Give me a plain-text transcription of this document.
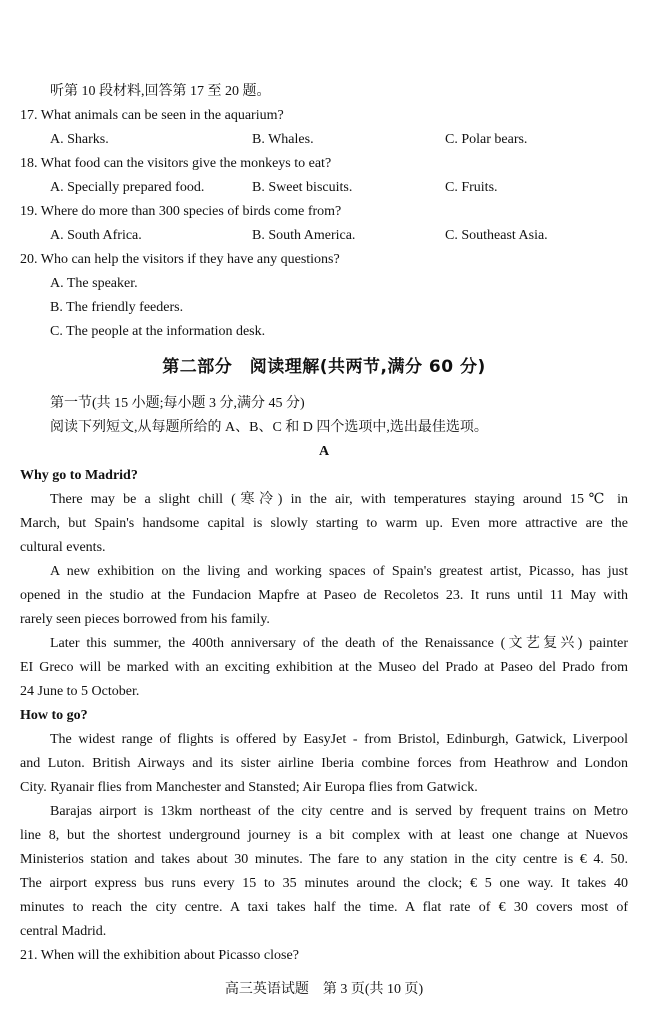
听第 10 段材料,回答第 17 至 20 题。
17. What animals can be seen in the aquarium?
A. Sharks.	B. Whales.	C. Polar bears.
18. What food can the visitors give the monkeys to eat?
A. Specially prepared food.	B. Sweet biscuits.	C. Fruits.
19. Where do more than 300 species of birds come from?
A. South Africa.	B. South America.	C. Southeast Asia.
20. Who can help the visitors if they have any questions?
A. The speaker.
B. The friendly feeders.
C. The people at the information desk.
第二部分　阅读理解(共两节,满分 60 分)
第一节(共 15 小题;每小题 3 分,满分 45 分)
阅读下列短文,从每题所给的 A、B、C 和 D 四个选项中,选出最佳选项。
A
Why go to Madrid?
There may be a slight chill (寒冷) in the air, with temperatures staying around 15℃ in
March, but Spain's handsome capital is slowly starting to warm up. Even more attractive are the
cultural events.
A new exhibition on the living and working spaces of Spain's greatest artist, Picasso, has just
opened in the studio at the Fundacion Mapfre at Paseo de Recoletos 23. It runs until 11 May with
rarely seen pieces borrowed from his family.
Later this summer, the 400th anniversary of the death of the Renaissance (文艺复兴) painter
EI Greco will be marked with an exciting exhibition at the Museo del Prado at Paseo del Prado from
24 June to 5 October.
How to go?
The widest range of flights is offered by EasyJet - from Bristol, Edinburgh, Gatwick, Liverpool
and Luton. British Airways and its sister airline Iberia combine forces from Heathrow and London
City. Ryanair flies from Manchester and Stansted; Air Europa flies from Gatwick.
Barajas airport is 13km northeast of the city centre and is served by frequent trains on Metro
line 8, but the shortest underground journey is a bit complex with at least one change at Nuevos
Ministerios station and takes about 30 minutes. The fare to any station in the city centre is € 4. 50.
The airport express bus runs every 15 to 35 minutes around the clock; € 5 one way. It takes 40
minutes to reach the city centre. A taxi takes half the time. A flat rate of € 30 covers most of
central Madrid.
21. When will the exhibition about Picasso close?
高三英语试题　第 3 页(共 10 页)
